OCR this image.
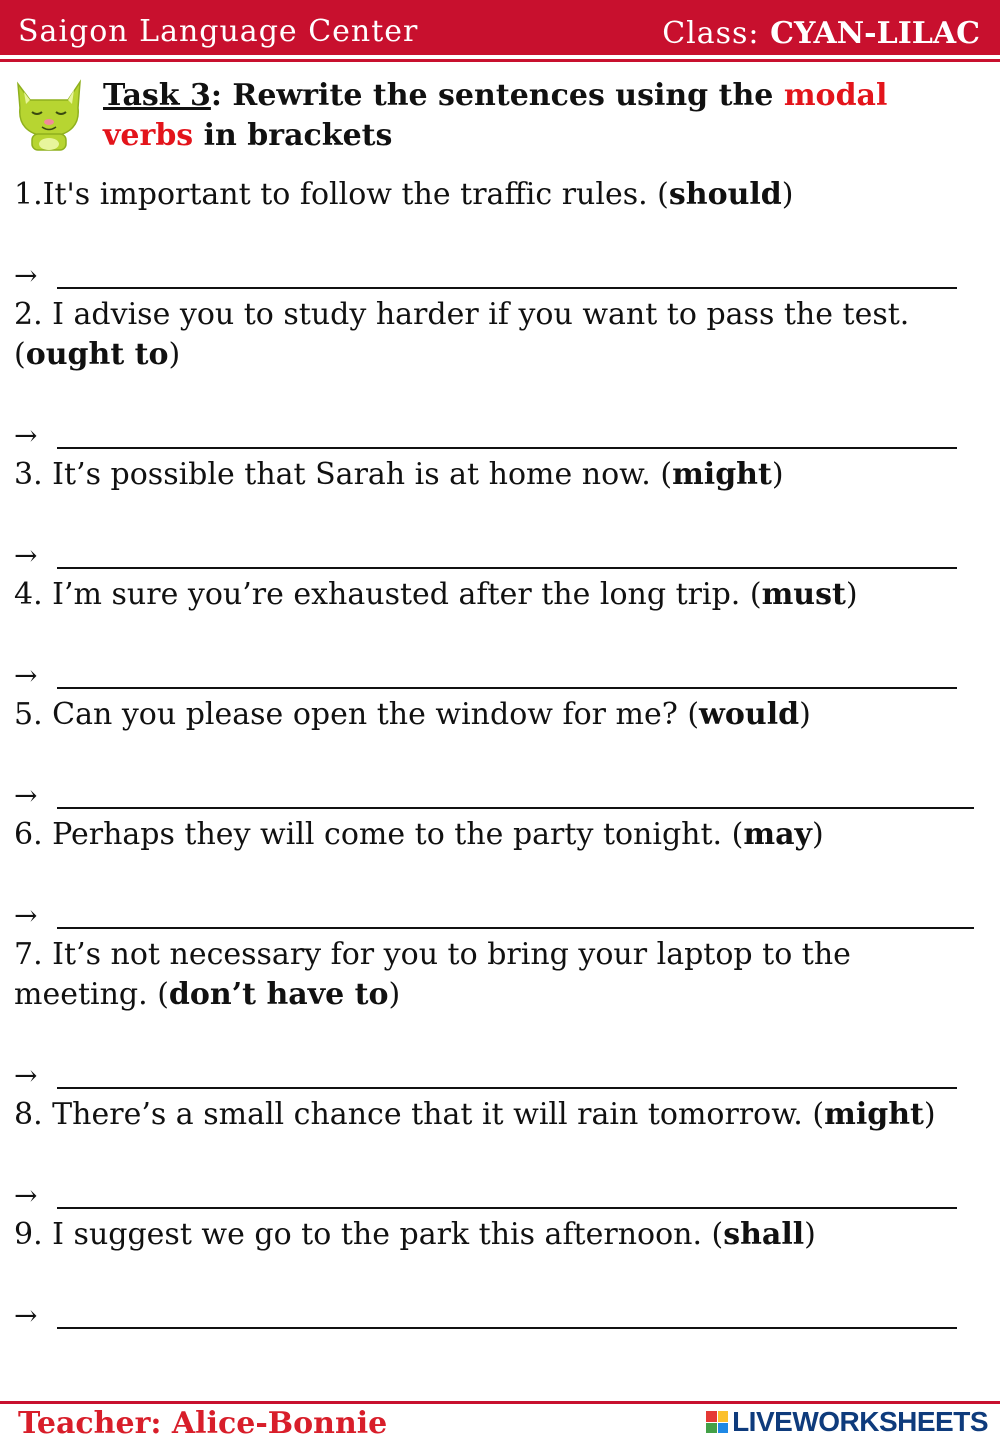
Saigon Language Center	Class: CYAN-LILAC
Task 3: Rewrite the sentences using the modal verbs in brackets
1.It's important to follow the traffic rules. (should)
→
2. I advise you to study harder if you want to pass the test. (ought to)
→
3. It’s possible that Sarah is at home now. (might)
→
4. I’m sure you’re exhausted after the long trip. (must)
→
5. Can you please open the window for me? (would)
→
6. Perhaps they will come to the party tonight. (may)
→
7. It’s not necessary for you to bring your laptop to the meeting. (don’t have to)
→
8. There’s a small chance that it will rain tomorrow. (might)
→
9. I suggest we go to the park this afternoon. (shall)
→
Teacher: Alice-Bonnie	LIVEWORKSHEETS
